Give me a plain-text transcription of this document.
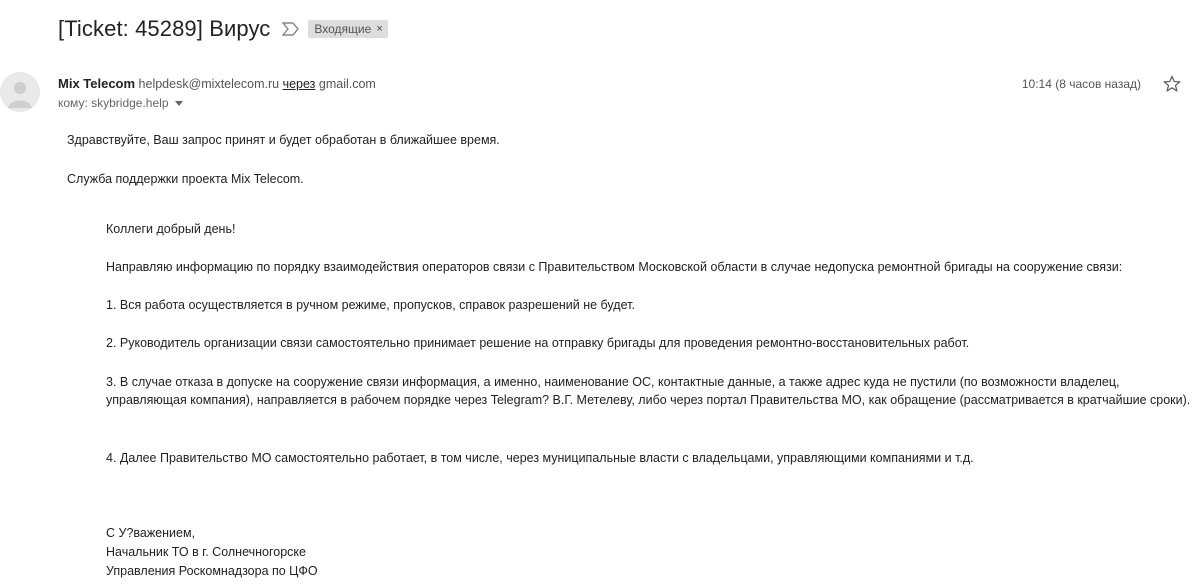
[Ticket: 45289] Вирус	Входящие ×
Mix Telecom helpdesk@mixtelecom.ru через gmail.com
кому: skybridge.help
10:14 (8 часов назад)

Здравствуйте, Ваш запрос принят и будет обработан в ближайшее время.

Служба поддержки проекта Mix Telecom.

Коллеги добрый день!

Направляю информацию по порядку взаимодействия операторов связи с Правительством Московской области в случае недопуска ремонтной бригады на сооружение связи:

1. Вся работа осуществляется в ручном режиме, пропусков, справок разрешений не будет.

2. Руководитель организации связи самостоятельно принимает решение на отправку бригады для проведения ремонтно-восстановительных работ.

3. В случае отказа в допуске на сооружение связи информация, а именно, наименование ОС, контактные данные, а также адрес куда не пустили (по возможности владелец, управляющая компания), направляется в рабочем порядке через Telegram? В.Г. Метелеву, либо через портал Правительства МО, как обращение (рассматривается в кратчайшие сроки).

4. Далее Правительство МО самостоятельно работает, в том числе, через муниципальные власти с владельцами, управляющими компаниями и т.д.

С У?важением,

Начальник ТО в г. Солнечногорске

Управления Роскомнадзора по ЦФО
